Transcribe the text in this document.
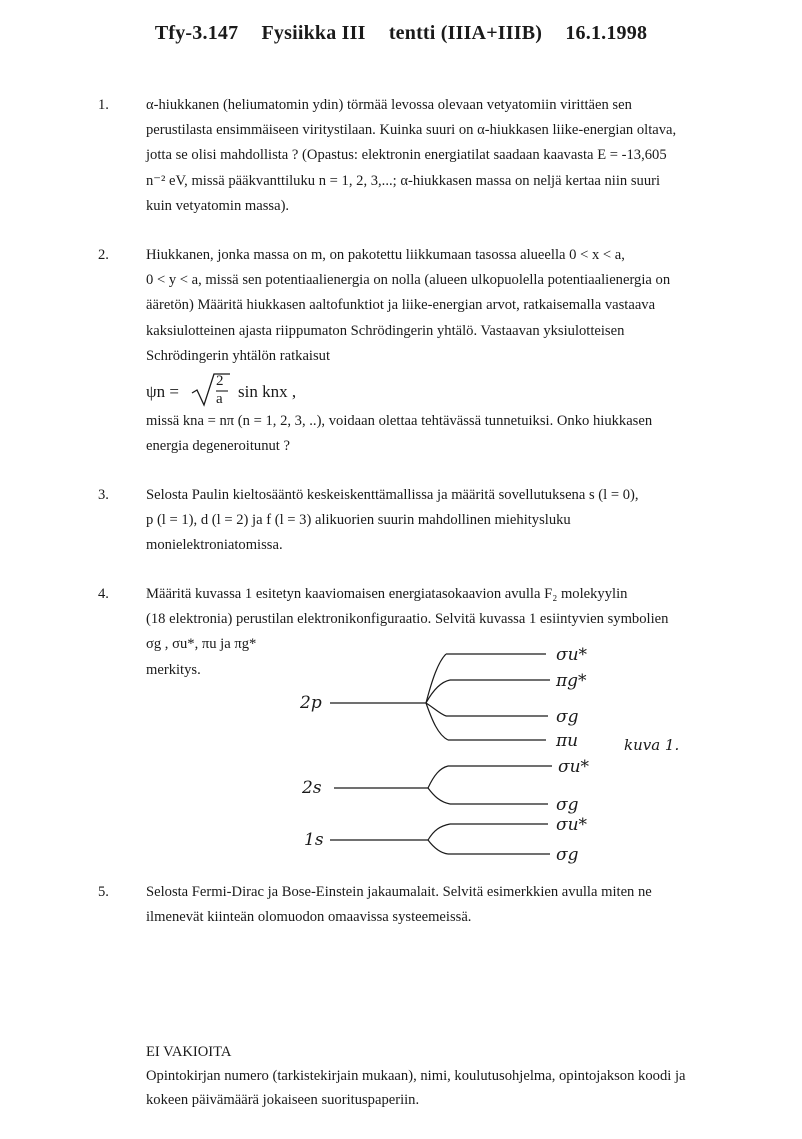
Tfy-3.147 Fysiikka III tentti (IIIA+IIIB) 16.1.1998
1.	α-hiukkanen (heliumatomin ydin) törmää levossa olevaan vetyatomiin virittäen sen

perustilasta ensimmäiseen viritystilaan. Kuinka suuri on α-hiukkasen liike-energian oltava,

jotta se olisi mahdollista ? (Opastus: elektronin energiatilat saadaan kaavasta E = -13,605

n⁻² eV, missä pääkvanttiluku n = 1, 2, 3,...; α-hiukkasen massa on neljä kertaa niin suuri

kuin vetyatomin massa).

2.	Hiukkanen, jonka massa on m, on pakotettu liikkumaan tasossa alueella 0 < x < a,

0 < y < a, missä sen potentiaalienergia on nolla (alueen ulkopuolella potentiaalienergia on

ääretön) Määritä hiukkasen aaltofunktiot ja liike-energian arvot, ratkaisemalla vastaava

kaksiulotteinen ajasta riippumaton Schrödingerin yhtälö. Vastaavan yksiulotteisen

Schrödingerin yhtälön ratkaisut

ψn =
2
a sin knx ,

missä kna = nπ (n = 1, 2, 3, ..), voidaan olettaa tehtävässä tunnetuiksi. Onko hiukkasen

energia degeneroitunut ?

3.	Selosta Paulin kieltosääntö keskeiskenttämallissa ja määritä sovellutuksena s (l = 0),

p (l = 1), d (l = 2) ja f (l = 3) alikuorien suurin mahdollinen miehitysluku

monielektroniatomissa.

4.	Määritä kuvassa 1 esitetyn kaaviomaisen energiatasokaavion avulla F₂ molekyylin

(18 elektronia) perustilan elektronikonfiguraatio. Selvitä kuvassa 1 esiintyvien symbolien

σg , σu*, πu ja πg*

merkitys.

2p
2s
1s
σu*
πg*
σg
πu
σu*
σg
σu*
σg
kuva 1.
5.	Selosta Fermi-Dirac ja Bose-Einstein jakaumalait. Selvitä esimerkkien avulla miten ne

ilmenevät kiinteän olomuodon omaavissa systeemeissä.

EI VAKIOITA

Opintokirjan numero (tarkistekirjain mukaan), nimi, koulutusohjelma, opintojakson koodi ja

kokeen päivämäärä jokaiseen suorituspaperiin.
